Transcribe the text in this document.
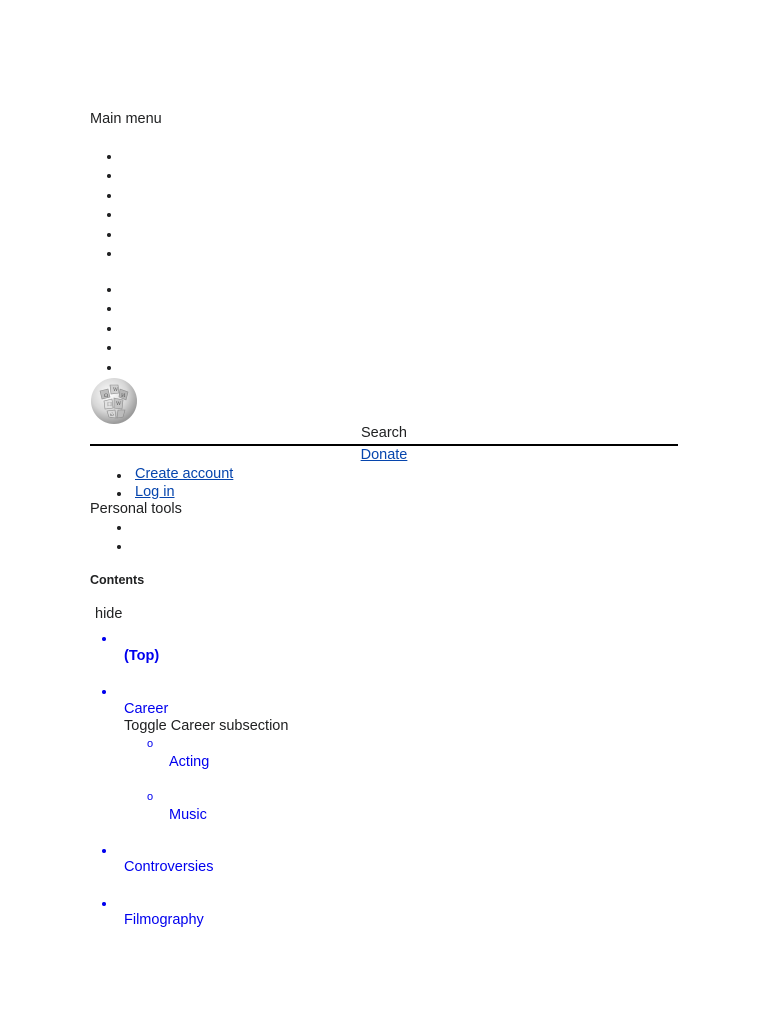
Main menu
Ω
W
И
口 W
ώ
Search
Donate
Create account
Log in
Personal tools
Contents
hide
(Top)
Career
Toggle Career subsection
o
Acting
o
Music
Controversies
Filmography
